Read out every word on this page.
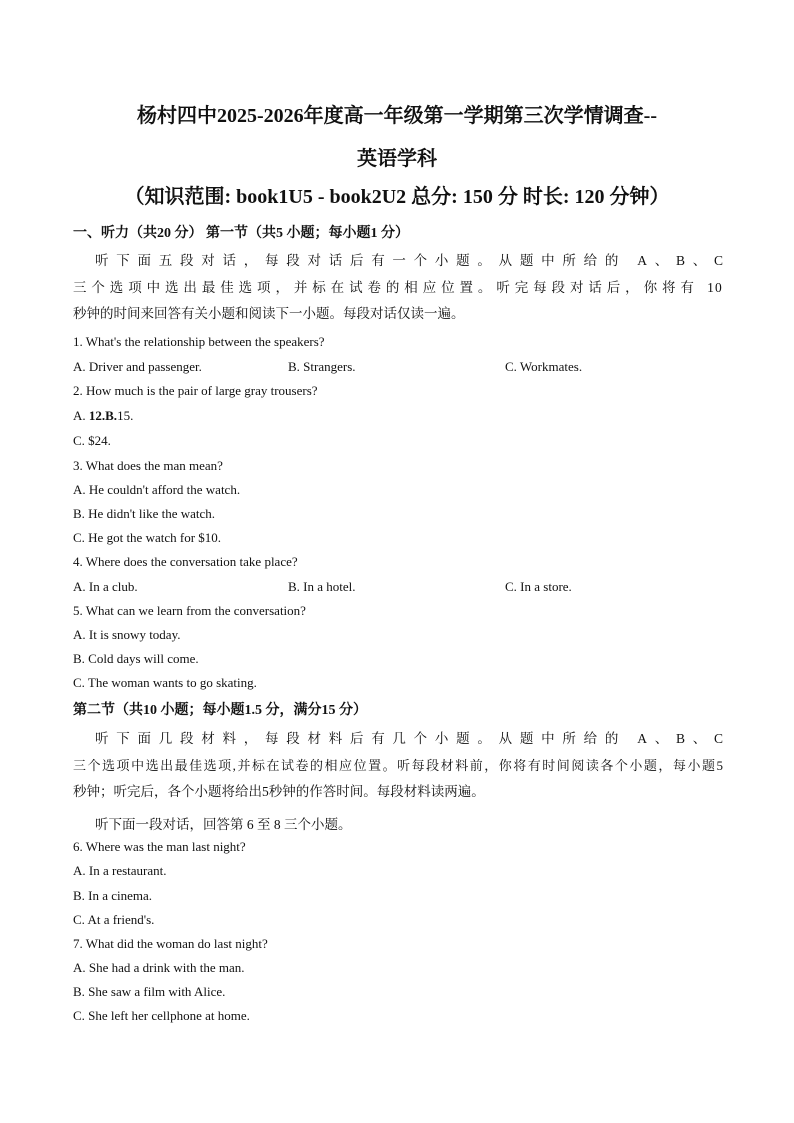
杨村四中2025-2026年度高一年级第一学期第三次学情调查--
英语学科
（知识范围: book1U5 - book2U2 总分: 150 分 时长: 120 分钟）
一、听力（共20 分） 第一节（共5 小题；每小题1 分）
听下面五段对话，每段对话后有一个小题。从题中所给的 A、B、C
三个选项中选出最佳选项，并标在试卷的相应位置。听完每段对话后，你将有 10
秒钟的时间来回答有关小题和阅读下一小题。每段对话仅读一遍。
1. What's the relationship between the speakers?
A. Driver and passenger.	B. Strangers.	C. Workmates.
2. How much is the pair of large gray trousers?
A. 12.B.15.
C. $24.
3. What does the man mean?
A. He couldn't afford the watch.
B. He didn't like the watch.
C. He got the watch for $10.
4. Where does the conversation take place?
A. In a club.	B. In a hotel.	C. In a store.
5. What can we learn from the conversation?
A. It is snowy today.
B. Cold days will come.
C. The woman wants to go skating.
第二节（共10 小题；每小题1.5 分，满分15 分）
听下面几段材料，每段材料后有几个小题。从题中所给的 A、B、C
三个选项中选出最佳选项,并标在试卷的相应位置。听每段材料前，你将有时间阅读各个小题，每小题5
秒钟；听完后，各个小题将给出5秒钟的作答时间。每段材料读两遍。
听下面一段对话，回答第 6 至 8 三个小题。
6. Where was the man last night?
A. In a restaurant.
B. In a cinema.
C. At a friend's.
7. What did the woman do last night?
A. She had a drink with the man.
B. She saw a film with Alice.
C. She left her cellphone at home.
